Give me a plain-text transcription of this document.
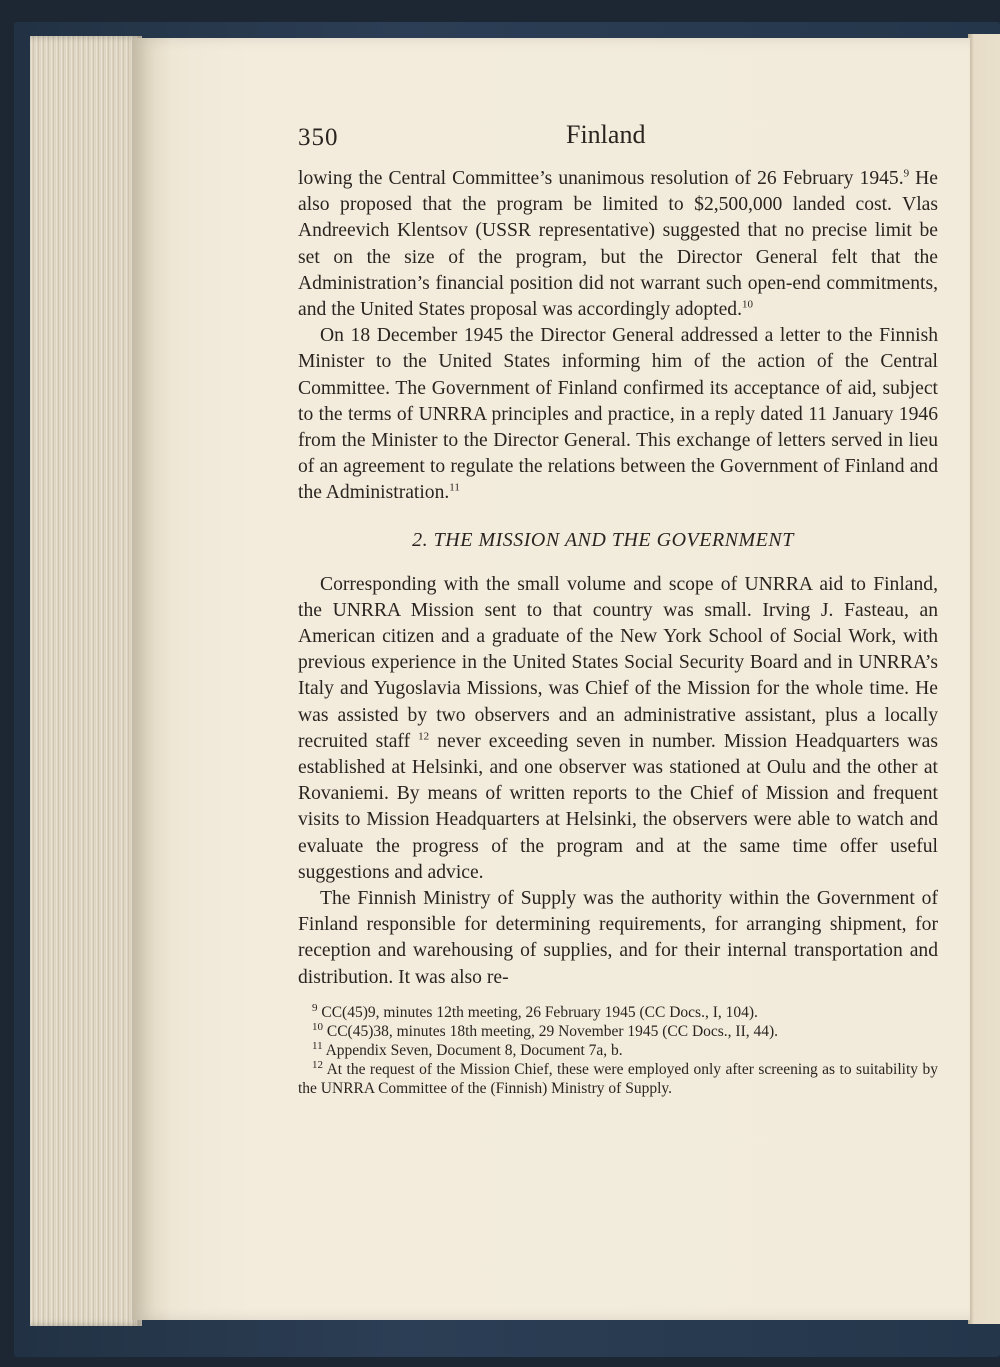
350	Finland

lowing the Central Committee’s unanimous resolution of 26 February 1945.$^9$ He also proposed that the program be limited to $2,500,000 landed cost. Vlas Andreevich Klentsov (USSR representative) suggested that no precise limit be set on the size of the program, but the Director General felt that the Administration’s financial position did not warrant such open-end commitments, and the United States proposal was accordingly adopted.$^{10}$

On 18 December 1945 the Director General addressed a letter to the Finnish Minister to the United States informing him of the action of the Central Committee. The Government of Finland confirmed its acceptance of aid, subject to the terms of UNRRA principles and practice, in a reply dated 11 January 1946 from the Minister to the Director General. This exchange of letters served in lieu of an agreement to regulate the relations between the Government of Finland and the Administration.$^{11}$

2. THE MISSION AND THE GOVERNMENT

Corresponding with the small volume and scope of UNRRA aid to Finland, the UNRRA Mission sent to that country was small. Irving J. Fasteau, an American citizen and a graduate of the New York School of Social Work, with previous experience in the United States Social Security Board and in UNRRA’s Italy and Yugoslavia Missions, was Chief of the Mission for the whole time. He was assisted by two observers and an administrative assistant, plus a locally recruited staff $^{12}$ never exceeding seven in number. Mission Headquarters was established at Helsinki, and one observer was stationed at Oulu and the other at Rovaniemi. By means of written reports to the Chief of Mission and frequent visits to Mission Headquarters at Helsinki, the observers were able to watch and evaluate the progress of the program and at the same time offer useful suggestions and advice.

The Finnish Ministry of Supply was the authority within the Government of Finland responsible for determining requirements, for arranging shipment, for reception and warehousing of supplies, and for their internal transportation and distribution. It was also re-

$^9$ CC(45)9, minutes 12th meeting, 26 February 1945 (CC Docs., I, 104).

$^{10}$ CC(45)38, minutes 18th meeting, 29 November 1945 (CC Docs., II, 44).

$^{11}$ Appendix Seven, Document 8, Document 7a, b.

$^{12}$ At the request of the Mission Chief, these were employed only after screening as to suitability by the UNRRA Committee of the (Finnish) Ministry of Supply.
